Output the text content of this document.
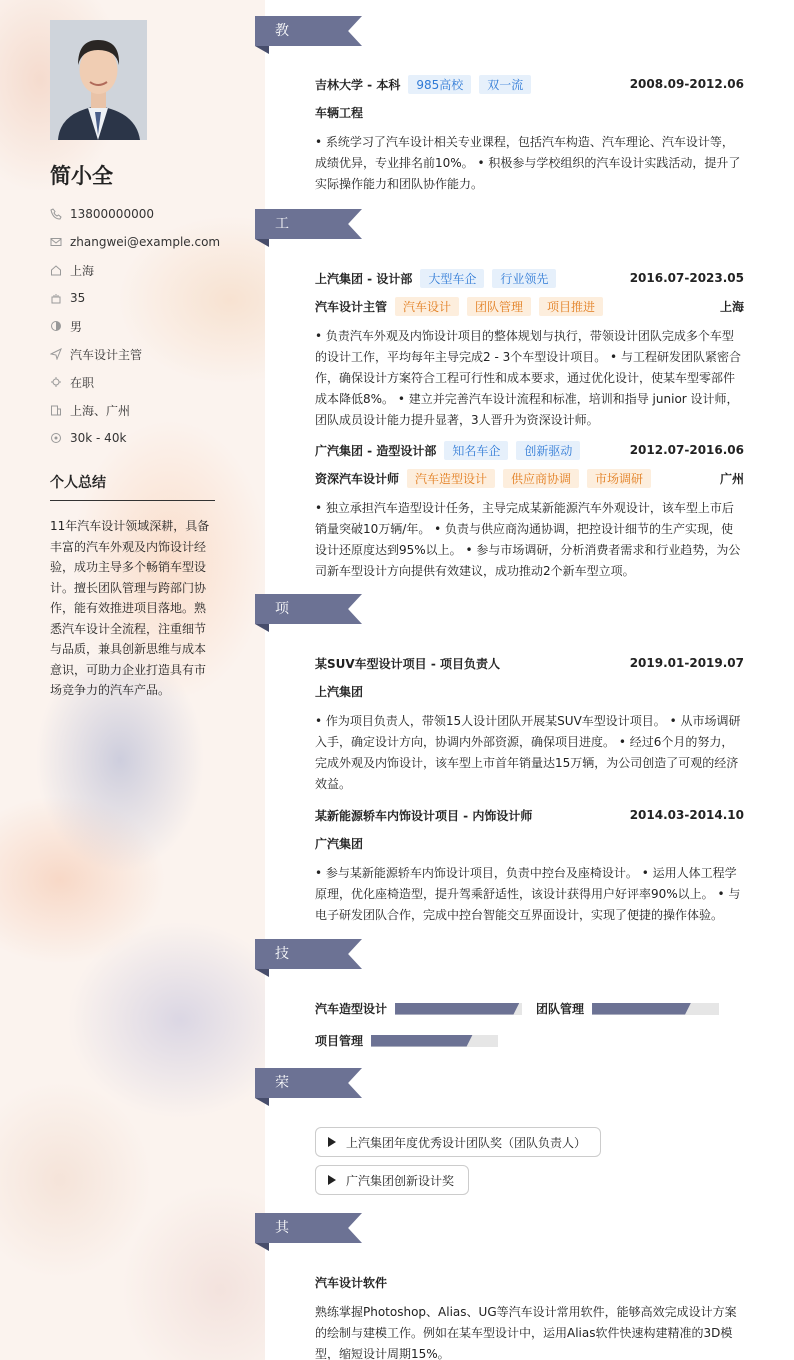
简小全
13800000000
zhangwei@example.com
上海
35
男
汽车设计主管
在职
上海、广州
30k - 40k
个人总结
11年汽车设计领域深耕，具备丰富的汽车外观及内饰设计经验，成功主导多个畅销车型设计。擅长团队管理与跨部门协作，能有效推进项目落地。熟悉汽车设计全流程，注重细节与品质，兼具创新思维与成本意识，可助力企业打造具有市场竞争力的汽车产品。
教育经历
吉林大学 - 本科	985高校	双一流	2008.09-2012.06
车辆工程
• 系统学习了汽车设计相关专业课程，包括汽车构造、汽车理论、汽车设计等，成绩优异，专业排名前10%。 • 积极参与学校组织的汽车设计实践活动，提升了实际操作能力和团队协作能力。
工作经历
上汽集团 - 设计部	大型车企	行业领先	2016.07-2023.05
汽车设计主管	汽车设计	团队管理	项目推进	上海
• 负责汽车外观及内饰设计项目的整体规划与执行，带领设计团队完成多个车型的设计工作，平均每年主导完成2 - 3个车型设计项目。 • 与工程研发团队紧密合作，确保设计方案符合工程可行性和成本要求，通过优化设计，使某车型零部件成本降低8%。 • 建立并完善汽车设计流程和标准，培训和指导 junior 设计师，团队成员设计能力提升显著，3人晋升为资深设计师。
广汽集团 - 造型设计部	知名车企	创新驱动	2012.07-2016.06
资深汽车设计师	汽车造型设计	供应商协调	市场调研	广州
• 独立承担汽车造型设计任务，主导完成某新能源汽车外观设计，该车型上市后销量突破10万辆/年。 • 负责与供应商沟通协调，把控设计细节的生产实现，使设计还原度达到95%以上。 • 参与市场调研，分析消费者需求和行业趋势，为公司新车型设计方向提供有效建议，成功推动2个新车型立项。
项目经历
某SUV车型设计项目 - 项目负责人	2019.01-2019.07
上汽集团
• 作为项目负责人，带领15人设计团队开展某SUV车型设计项目。 • 从市场调研入手，确定设计方向，协调内外部资源，确保项目进度。 • 经过6个月的努力，完成外观及内饰设计，该车型上市首年销量达15万辆，为公司创造了可观的经济效益。
某新能源轿车内饰设计项目 - 内饰设计师	2014.03-2014.10
广汽集团
• 参与某新能源轿车内饰设计项目，负责中控台及座椅设计。 • 运用人体工程学原理，优化座椅造型，提升驾乘舒适性，该设计获得用户好评率90%以上。 • 与电子研发团队合作，完成中控台智能交互界面设计，实现了便捷的操作体验。
技能专长
汽车造型设计	团队管理
项目管理
荣誉奖项
上汽集团年度优秀设计团队奖（团队负责人）
广汽集团创新设计奖
其他信息
汽车设计软件
熟练掌握Photoshop、Alias、UG等汽车设计常用软件，能够高效完成设计方案的绘制与建模工作。例如在某车型设计中，运用Alias软件快速构建精准的3D模型，缩短设计周期15%。
